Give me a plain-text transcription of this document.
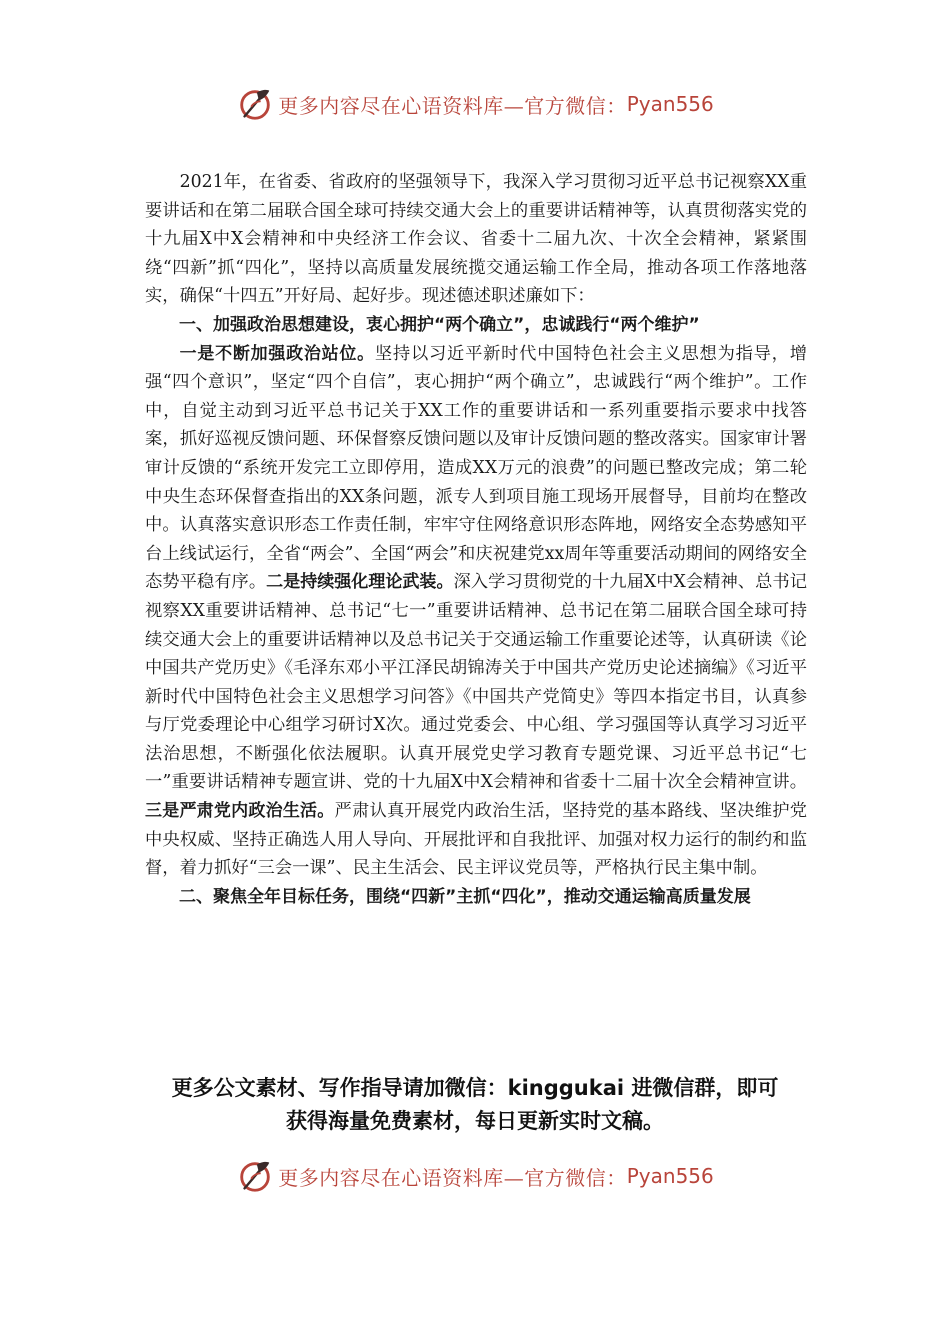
更多内容尽在心语资料库—官方微信： Pyan556

2021年，在省委、省政府的坚强领导下，我深入学习贯彻习近平总书记视察XX重要讲话和在第二届联合国全球可持续交通大会上的重要讲话精神等，认真贯彻落实党的十九届X中X会精神和中央经济工作会议、省委十二届九次、十次全会精神，紧紧围绕“四新”抓“四化”，坚持以高质量发展统揽交通运输工作全局，推动各项工作落地落实，确保“十四五”开好局、起好步。现述德述职述廉如下：

一、加强政治思想建设，衷心拥护“两个确立”，忠诚践行“两个维护”

一是不断加强政治站位。坚持以习近平新时代中国特色社会主义思想为指导，增强“四个意识”，坚定“四个自信”，衷心拥护“两个确立”，忠诚践行“两个维护”。工作中，自觉主动到习近平总书记关于XX工作的重要讲话和一系列重要指示要求中找答案，抓好巡视反馈问题、环保督察反馈问题以及审计反馈问题的整改落实。国家审计署审计反馈的“系统开发完工立即停用，造成XX万元的浪费”的问题已整改完成；第二轮中央生态环保督查指出的XX条问题，派专人到项目施工现场开展督导，目前均在整改中。认真落实意识形态工作责任制，牢牢守住网络意识形态阵地，网络安全态势感知平台上线试运行，全省“两会”、全国“两会”和庆祝建党xx周年等重要活动期间的网络安全态势平稳有序。二是持续强化理论武装。深入学习贯彻党的十九届X中X会精神、总书记视察XX重要讲话精神、总书记“七一”重要讲话精神、总书记在第二届联合国全球可持续交通大会上的重要讲话精神以及总书记关于交通运输工作重要论述等，认真研读《论中国共产党历史》《毛泽东邓小平江泽民胡锦涛关于中国共产党历史论述摘编》《习近平新时代中国特色社会主义思想学习问答》《中国共产党简史》等四本指定书目，认真参与厅党委理论中心组学习研讨X次。通过党委会、中心组、学习强国等认真学习习近平法治思想，不断强化依法履职。认真开展党史学习教育专题党课、习近平总书记“七一”重要讲话精神专题宣讲、党的十九届X中X会精神和省委十二届十次全会精神宣讲。三是严肃党内政治生活。严肃认真开展党内政治生活，坚持党的基本路线、坚决维护党中央权威、坚持正确选人用人导向、开展批评和自我批评、加强对权力运行的制约和监督，着力抓好“三会一课”、民主生活会、民主评议党员等，严格执行民主集中制。

二、聚焦全年目标任务，围绕“四新”主抓“四化”，推动交通运输高质量发展

更多公文素材、写作指导请加微信：kinggukai 进微信群，即可

获得海量免费素材，每日更新实时文稿。

更多内容尽在心语资料库—官方微信： Pyan556
